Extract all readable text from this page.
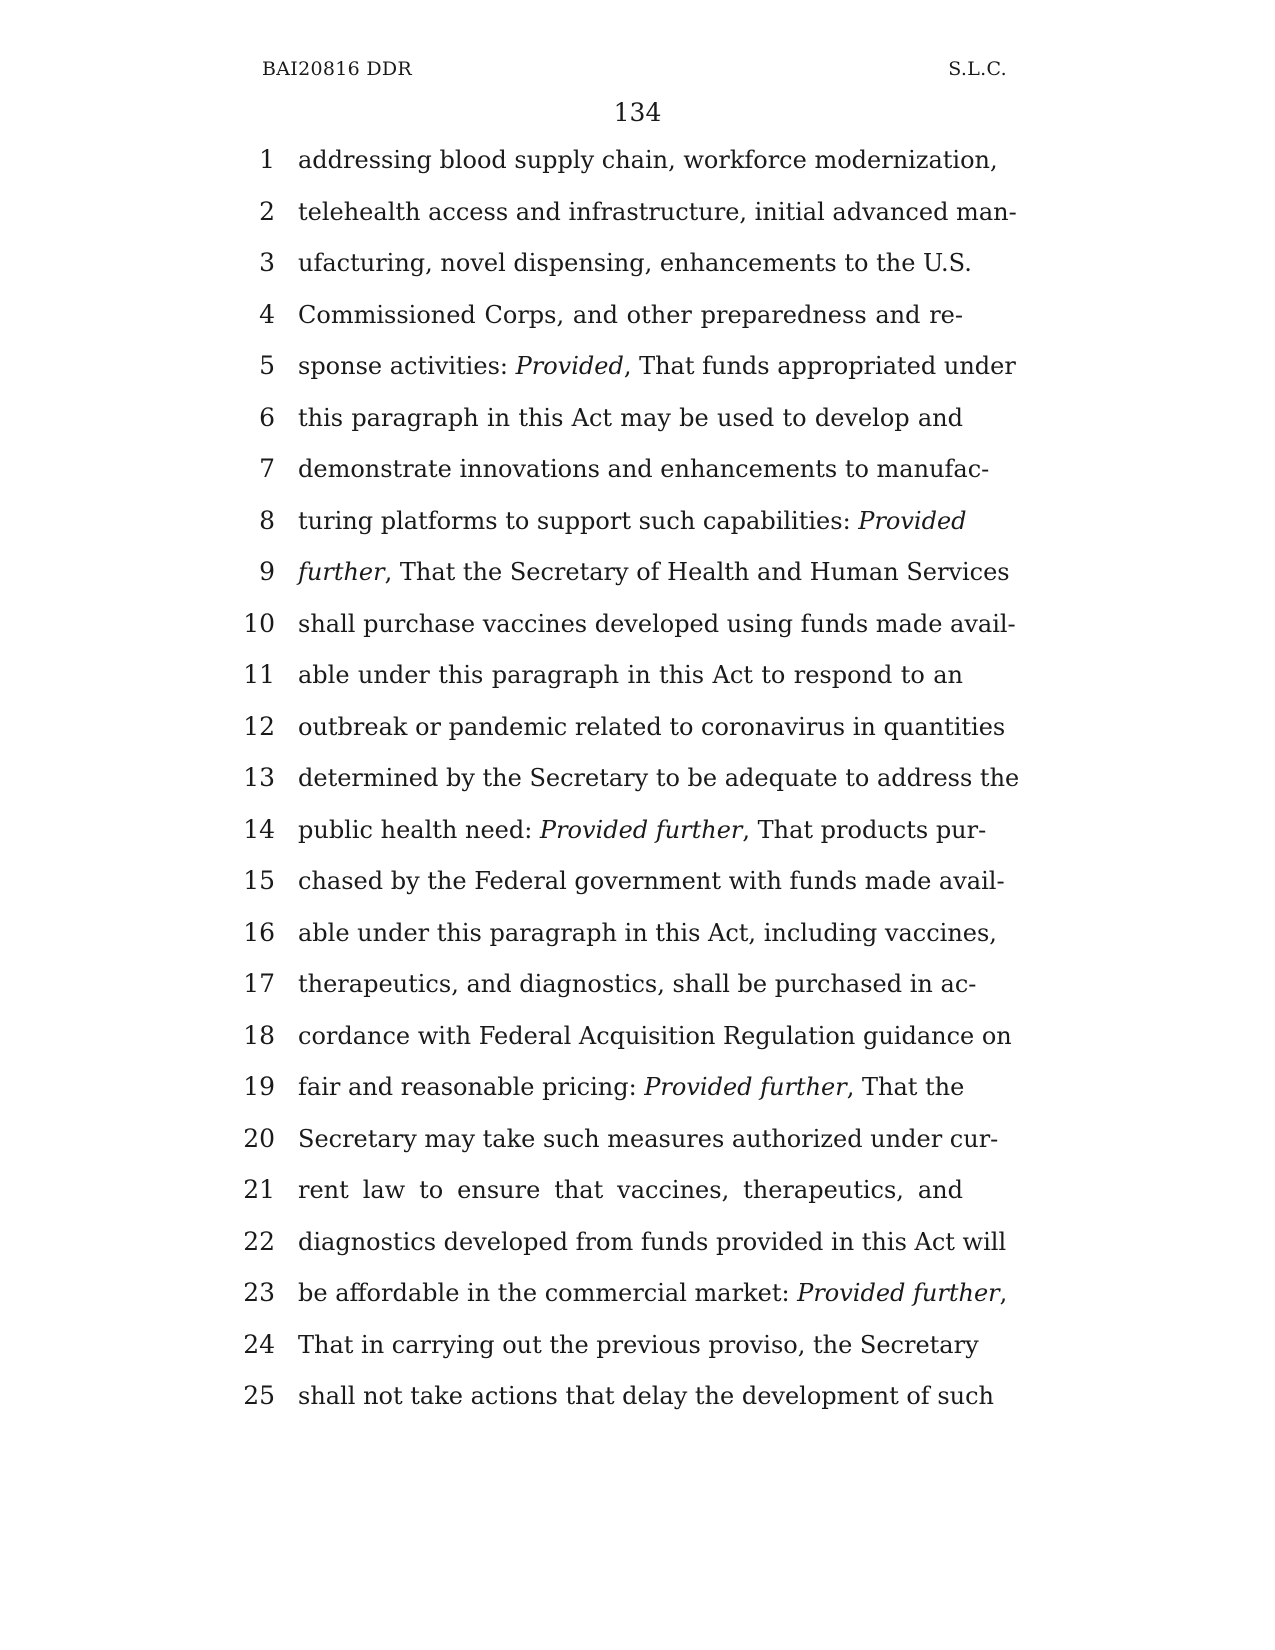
BAI20816 DDR	S.L.C.
134
1 addressing blood supply chain, workforce modernization,
2 telehealth access and infrastructure, initial advanced man-
3 ufacturing, novel dispensing, enhancements to the U.S.
4 Commissioned Corps, and other preparedness and re-
5 sponse activities: Provided, That funds appropriated under
6 this paragraph in this Act may be used to develop and
7 demonstrate innovations and enhancements to manufac-
8 turing platforms to support such capabilities: Provided
9 further, That the Secretary of Health and Human Services
10 shall purchase vaccines developed using funds made avail-
11 able under this paragraph in this Act to respond to an
12 outbreak or pandemic related to coronavirus in quantities
13 determined by the Secretary to be adequate to address the
14 public health need: Provided further, That products pur-
15 chased by the Federal government with funds made avail-
16 able under this paragraph in this Act, including vaccines,
17 therapeutics, and diagnostics, shall be purchased in ac-
18 cordance with Federal Acquisition Regulation guidance on
19 fair and reasonable pricing: Provided further, That the
20 Secretary may take such measures authorized under cur-
21 rent law to ensure that vaccines, therapeutics, and
22 diagnostics developed from funds provided in this Act will
23 be affordable in the commercial market: Provided further,
24 That in carrying out the previous proviso, the Secretary
25 shall not take actions that delay the development of such
